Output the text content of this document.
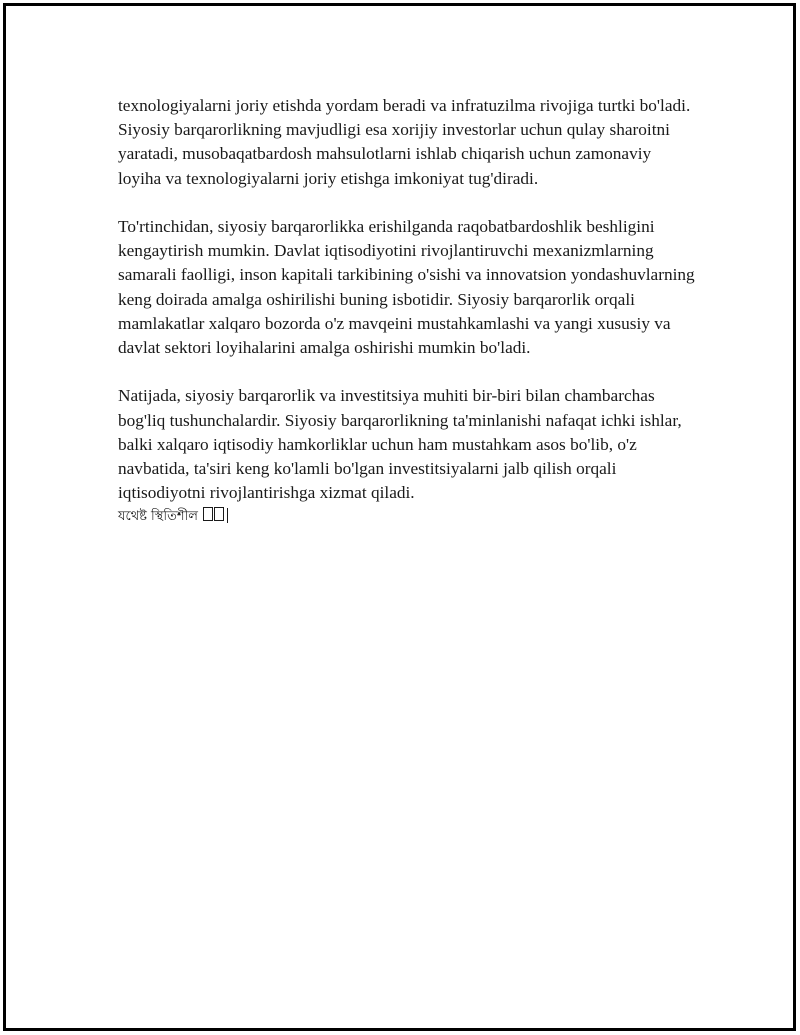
texnologiyalarni joriy etishda yordam beradi va infratuzilma rivojiga turtki bo'ladi. Siyosiy barqarorlikning mavjudligi esa xorijiy investorlar uchun qulay sharoitni yaratadi, musobaqatbardosh mahsulotlarni ishlab chiqarish uchun zamonaviy loyiha va texnologiyalarni joriy etishga imkoniyat tug'diradi.

To'rtinchidan, siyosiy barqarorlikka erishilganda raqobatbardoshlik beshligini kengaytirish mumkin. Davlat iqtisodiyotini rivojlantiruvchi mexanizmlarning samarali faolligi, inson kapitali tarkibining o'sishi va innovatsion yondashuvlarning keng doirada amalga oshirilishi buning isbotidir. Siyosiy barqarorlik orqali mamlakatlar xalqaro bozorda o'z mavqeini mustahkamlashi va yangi xususiy va davlat sektori loyihalarini amalga oshirishi mumkin bo'ladi.

Natijada, siyosiy barqarorlik va investitsiya muhiti bir-biri bilan chambarchas bog'liq tushunchalardir. Siyosiy barqarorlikning ta'minlanishi nafaqat ichki ishlar, balki xalqaro iqtisodiy hamkorliklar uchun ham mustahkam asos bo'lib, o'z navbatida, ta'siri keng ko'lamli bo'lgan investitsiyalarni jalb qilish orqali iqtisodiyotni rivojlantirishga xizmat qiladi.

যথেষ্ট স্থিতিশীল
